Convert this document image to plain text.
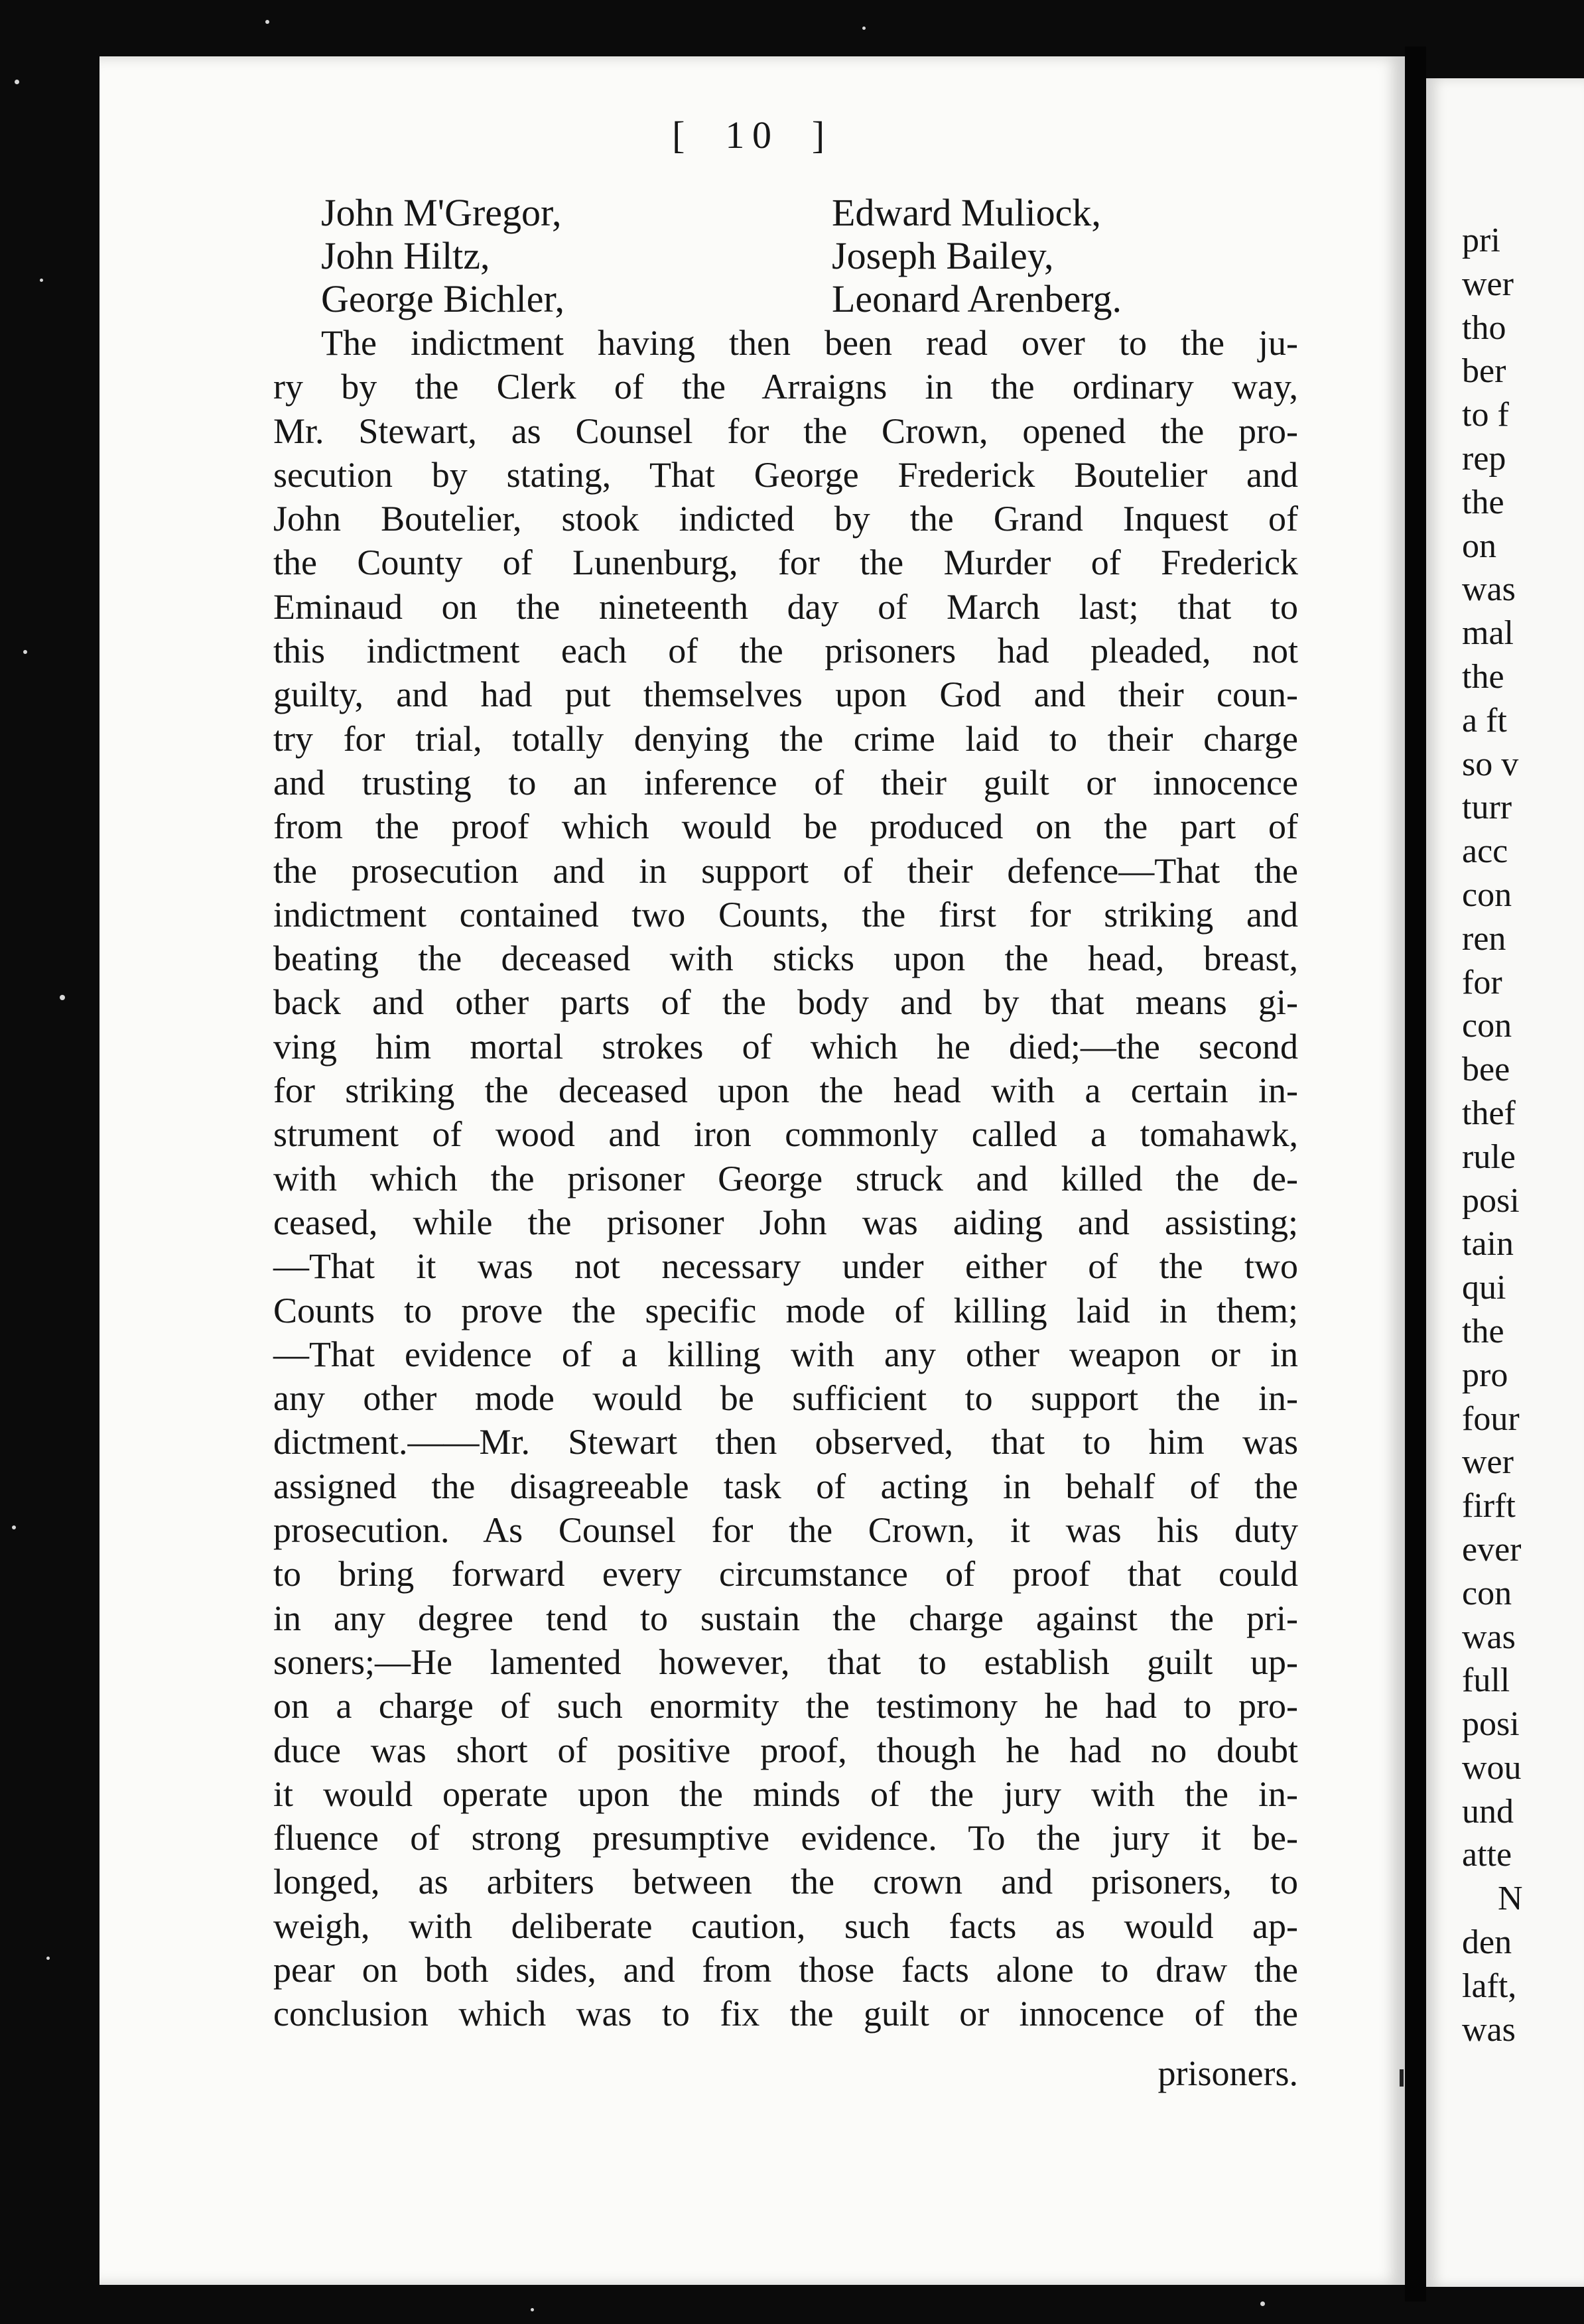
[ 10 ]
John M'Gregor,	Edward Muliock,
John Hiltz,	Joseph Bailey,
George Bichler,	Leonard Arenberg.
The indictment having then been read over to the ju-
ry by the Clerk of the Arraigns in the ordinary way,
Mr. Stewart, as Counsel for the Crown, opened the pro-
secution by stating, That George Frederick Boutelier and
John Boutelier, stook indicted by the Grand Inquest of
the County of Lunenburg, for the Murder of Frederick
Eminaud on the nineteenth day of March last; that to
this indictment each of the prisoners had pleaded, not
guilty, and had put themselves upon God and their coun-
try for trial, totally denying the crime laid to their charge
and trusting to an inference of their guilt or innocence
from the proof which would be produced on the part of
the prosecution and in support of their defence—That the
indictment contained two Counts, the first for striking and
beating the deceased with sticks upon the head, breast,
back and other parts of the body and by that means gi-
ving him mortal strokes of which he died;—the second
for striking the deceased upon the head with a certain in-
strument of wood and iron commonly called a tomahawk,
with which the prisoner George struck and killed the de-
ceased, while the prisoner John was aiding and assisting;
—That it was not necessary under either of the two
Counts to prove the specific mode of killing laid in them;
—That evidence of a killing with any other weapon or in
any other mode would be sufficient to support the in-
dictment.——Mr. Stewart then observed, that to him was
assigned the disagreeable task of acting in behalf of the
prosecution. As Counsel for the Crown, it was his duty
to bring forward every circumstance of proof that could
in any degree tend to sustain the charge against the pri-
soners;—He lamented however, that to establish guilt up-
on a charge of such enormity the testimony he had to pro-
duce was short of positive proof, though he had no doubt
it would operate upon the minds of the jury with the in-
fluence of strong presumptive evidence. To the jury it be-
longed, as arbiters between the crown and prisoners, to
weigh, with deliberate caution, such facts as would ap-
pear on both sides, and from those facts alone to draw the
conclusion which was to fix the guilt or innocence of the
prisoners.
pri
wer
tho
ber
to f
rep
the
on
was
mal
the
a ft
so v
turr
acc
con
ren
for
con
bee
thef
rule
posi
tain
qui
the
pro
four
wer
firft
ever
con
was
full
posi
wou
und
atte
N
den
laft,
was
